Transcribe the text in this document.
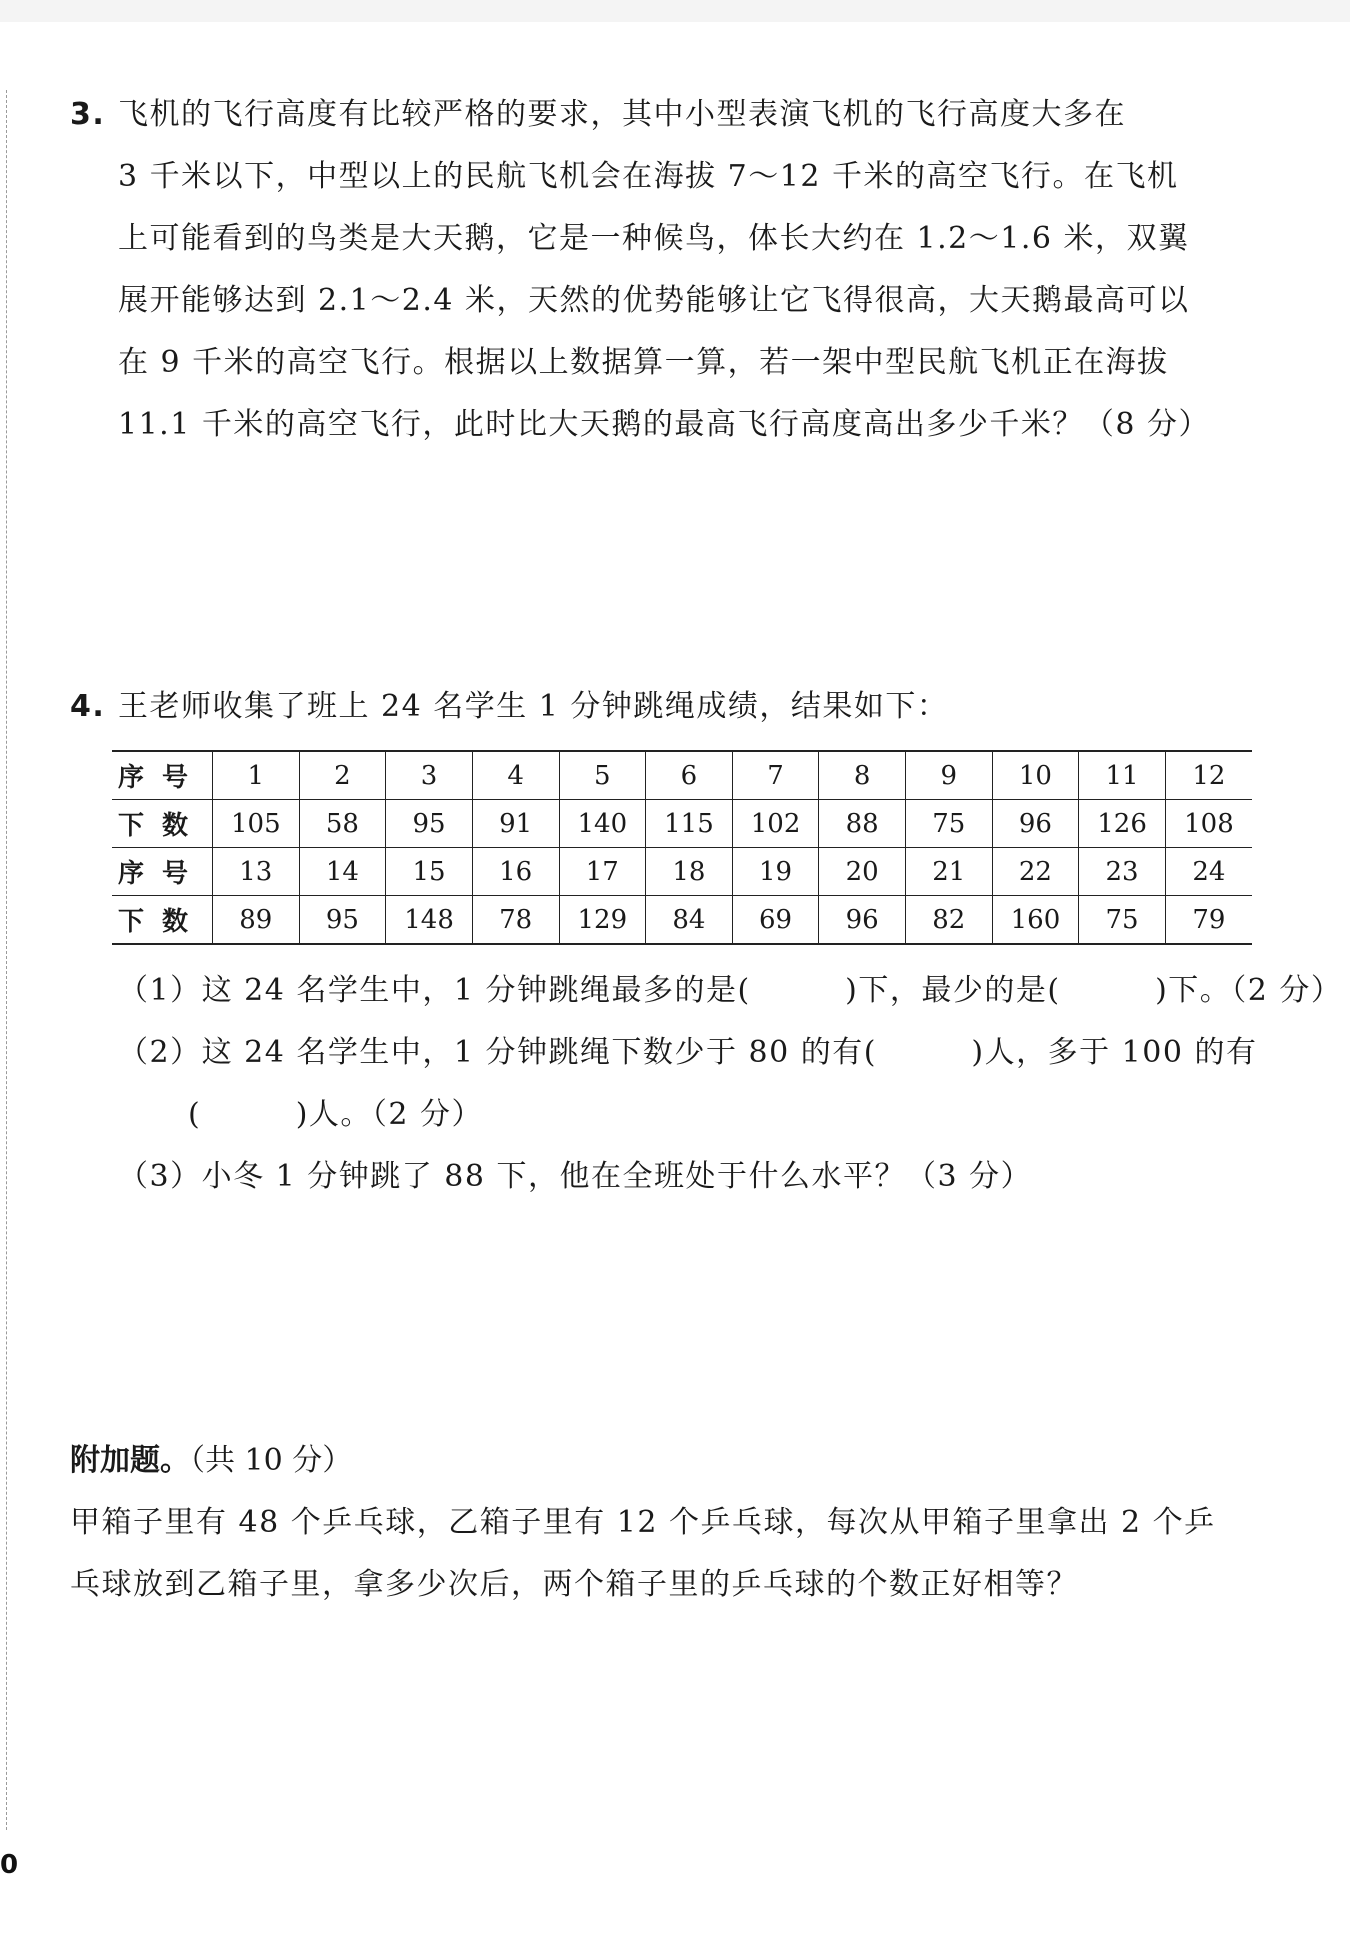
3. 飞机的飞行高度有比较严格的要求，其中小型表演飞机的飞行高度大多在
3 千米以下，中型以上的民航飞机会在海拔 7～12 千米的高空飞行。在飞机
上可能看到的鸟类是大天鹅，它是一种候鸟，体长大约在 1.2～1.6 米，双翼
展开能够达到 2.1～2.4 米，天然的优势能够让它飞得很高，大天鹅最高可以
在 9 千米的高空飞行。根据以上数据算一算，若一架中型民航飞机正在海拔
11.1 千米的高空飞行，此时比大天鹅的最高飞行高度高出多少千米？（8 分）
4. 王老师收集了班上 24 名学生 1 分钟跳绳成绩，结果如下：
序号	1	2	3	4	5	6	7	8	9	10	11	12
下数	105	58	95	91	140	115	102	88	75	96	126	108
序号	13	14	15	16	17	18	19	20	21	22	23	24
下数	89	95	148	78	129	84	69	96	82	160	75	79
（1）这 24 名学生中，1 分钟跳绳最多的是(　　　)下，最少的是(　　　)下。（2 分）
（2）这 24 名学生中，1 分钟跳绳下数少于 80 的有(　　　)人，多于 100 的有
(　　　)人。（2 分）
（3）小冬 1 分钟跳了 88 下，他在全班处于什么水平？（3 分）
附加题。（共 10 分）
甲箱子里有 48 个乒乓球，乙箱子里有 12 个乒乓球，每次从甲箱子里拿出 2 个乒
乓球放到乙箱子里，拿多少次后，两个箱子里的乒乓球的个数正好相等？
0
